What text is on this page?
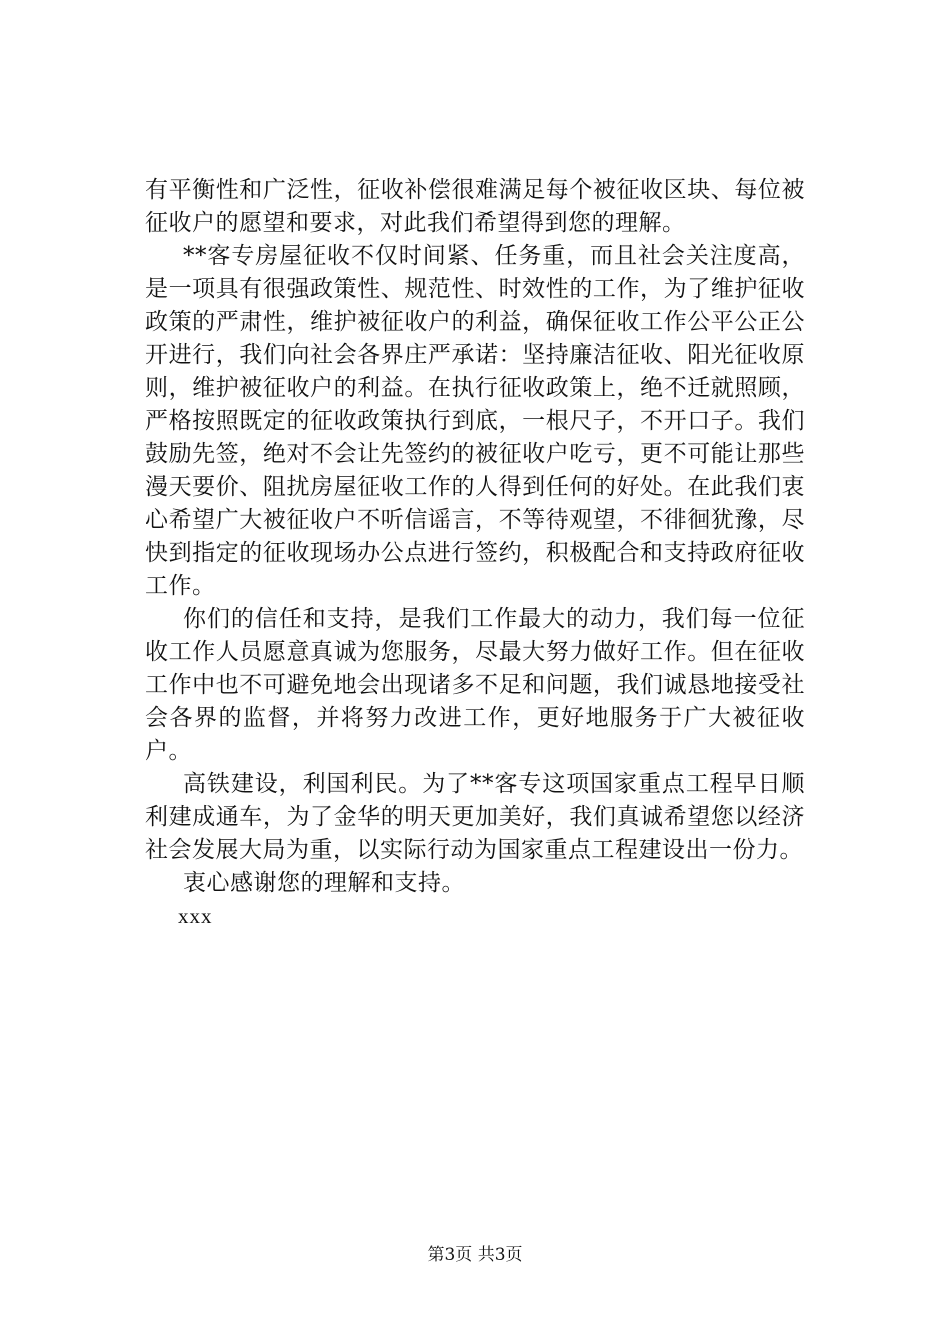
有平衡性和广泛性，征收补偿很难满足每个被征收区块、每位被征收户的愿望和要求，对此我们希望得到您的理解。

**客专房屋征收不仅时间紧、任务重，而且社会关注度高，是一项具有很强政策性、规范性、时效性的工作，为了维护征收政策的严肃性，维护被征收户的利益，确保征收工作公平公正公开进行，我们向社会各界庄严承诺：坚持廉洁征收、阳光征收原则，维护被征收户的利益。在执行征收政策上，绝不迁就照顾，严格按照既定的征收政策执行到底，一根尺子，不开口子。我们鼓励先签，绝对不会让先签约的被征收户吃亏，更不可能让那些漫天要价、阻扰房屋征收工作的人得到任何的好处。在此我们衷心希望广大被征收户不听信谣言，不等待观望，不徘徊犹豫，尽快到指定的征收现场办公点进行签约，积极配合和支持政府征收工作。

你们的信任和支持，是我们工作最大的动力，我们每一位征收工作人员愿意真诚为您服务，尽最大努力做好工作。但在征收工作中也不可避免地会出现诸多不足和问题，我们诚恳地接受社会各界的监督，并将努力改进工作，更好地服务于广大被征收户。

高铁建设，利国利民。为了**客专这项国家重点工程早日顺利建成通车，为了金华的明天更加美好，我们真诚希望您以经济社会发展大局为重，以实际行动为国家重点工程建设出一份力。

衷心感谢您的理解和支持。

xxx

第3页 共3页
